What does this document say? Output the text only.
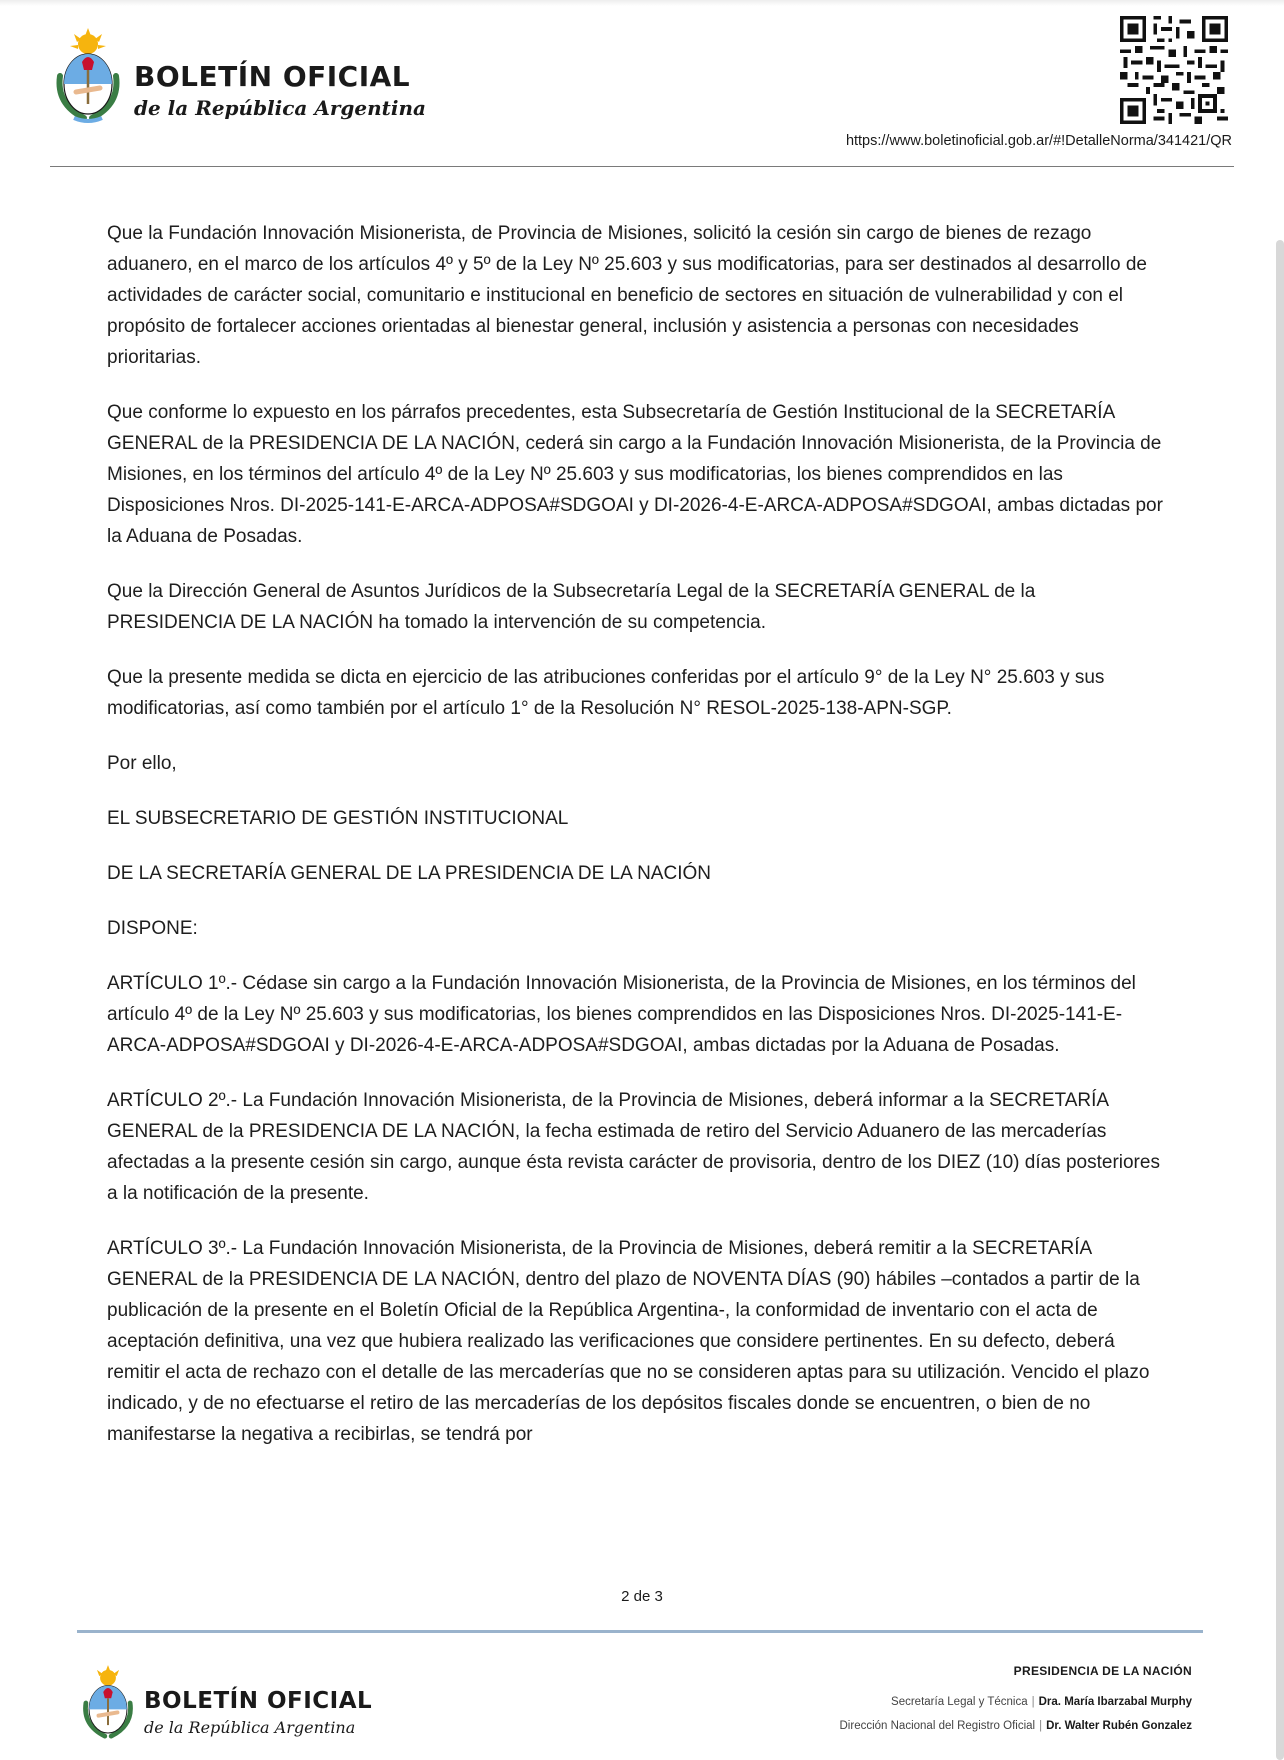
BOLETÍN OFICIAL
de la República Argentina
https://www.boletinoficial.gob.ar/#!DetalleNorma/341421/QR

Que la Fundación Innovación Misionerista, de Provincia de Misiones, solicitó la cesión sin cargo de bienes de rezago aduanero, en el marco de los artículos 4º y 5º de la Ley Nº 25.603 y sus modificatorias, para ser destinados al desarrollo de actividades de carácter social, comunitario e institucional en beneficio de sectores en situación de vulnerabilidad y con el propósito de fortalecer acciones orientadas al bienestar general, inclusión y asistencia a personas con necesidades prioritarias.

Que conforme lo expuesto en los párrafos precedentes, esta Subsecretaría de Gestión Institucional de la SECRETARÍA GENERAL de la PRESIDENCIA DE LA NACIÓN, cederá sin cargo a la Fundación Innovación Misionerista, de la Provincia de Misiones, en los términos del artículo 4º de la Ley Nº 25.603 y sus modificatorias, los bienes comprendidos en las Disposiciones Nros. DI-2025-141-E-ARCA-ADPOSA#SDGOAI y DI-2026-4-E-ARCA-ADPOSA#SDGOAI, ambas dictadas por la Aduana de Posadas.

Que la Dirección General de Asuntos Jurídicos de la Subsecretaría Legal de la SECRETARÍA GENERAL de la PRESIDENCIA DE LA NACIÓN ha tomado la intervención de su competencia.

Que la presente medida se dicta en ejercicio de las atribuciones conferidas por el artículo 9° de la Ley N° 25.603 y sus modificatorias, así como también por el artículo 1° de la Resolución N° RESOL-2025-138-APN-SGP.

Por ello,

EL SUBSECRETARIO DE GESTIÓN INSTITUCIONAL

DE LA SECRETARÍA GENERAL DE LA PRESIDENCIA DE LA NACIÓN

DISPONE:

ARTÍCULO 1º.- Cédase sin cargo a la Fundación Innovación Misionerista, de la Provincia de Misiones, en los términos del artículo 4º de la Ley Nº 25.603 y sus modificatorias, los bienes comprendidos en las Disposiciones Nros. DI-2025-141-E-ARCA-ADPOSA#SDGOAI y DI-2026-4-E-ARCA-ADPOSA#SDGOAI, ambas dictadas por la Aduana de Posadas.

ARTÍCULO 2º.- La Fundación Innovación Misionerista, de la Provincia de Misiones, deberá informar a la SECRETARÍA GENERAL de la PRESIDENCIA DE LA NACIÓN, la fecha estimada de retiro del Servicio Aduanero de las mercaderías afectadas a la presente cesión sin cargo, aunque ésta revista carácter de provisoria, dentro de los DIEZ (10) días posteriores a la notificación de la presente.

ARTÍCULO 3º.- La Fundación Innovación Misionerista, de la Provincia de Misiones, deberá remitir a la SECRETARÍA GENERAL de la PRESIDENCIA DE LA NACIÓN, dentro del plazo de NOVENTA DÍAS (90) hábiles –contados a partir de la publicación de la presente en el Boletín Oficial de la República Argentina-, la conformidad de inventario con el acta de aceptación definitiva, una vez que hubiera realizado las verificaciones que considere pertinentes. En su defecto, deberá remitir el acta de rechazo con el detalle de las mercaderías que no se consideren aptas para su utilización. Vencido el plazo indicado, y de no efectuarse el retiro de las mercaderías de los depósitos fiscales donde se encuentren, o bien de no manifestarse la negativa a recibirlas, se tendrá por

2 de 3
BOLETÍN OFICIAL
de la República Argentina
PRESIDENCIA DE LA NACIÓN
Secretaría Legal y Técnica | Dra. María Ibarzabal Murphy
Dirección Nacional del Registro Oficial | Dr. Walter Rubén Gonzalez
